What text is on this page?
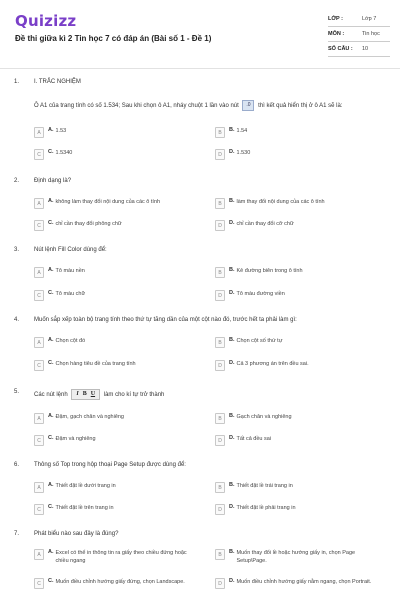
Quizizz
Đề thi giữa kì 2 Tin học 7 có đáp án (Bài số 1 - Đề 1)
LỚP :	Lớp 7
MÔN :	Tin học
SỐ CÂU : 10
1. I. TRẮC NGHIỆM
Ô A1 của trang tính có số 1.534; Sau khi chọn ô A1, nháy chuột 1 lần vào nút .0 thì kết quả hiển thị ở ô A1 sẽ là:
A	A. 1.53	B	B. 1.54
C	C. 1.5340	D	D. 1.530
2. Định dạng là?
A	A. không làm thay đổi nội dung của các ô tính	B	B. làm thay đổi nội dung của các ô tính
C	C. chỉ cần thay đổi phông chữ	D	D. chỉ cần thay đổi cỡ chữ
3. Nút lệnh Fill Color dùng để:
A	A. Tô màu nền	B	B. Kẻ đường biên trong ô tính
C	C. Tô màu chữ	D	D. Tô màu đường viền
4. Muốn sắp xếp toàn bộ trang tính theo thứ tự tăng dần của một cột nào đó, trước hết ta phải làm gì:
A	A. Chọn cột đó	B	B. Chọn cột số thứ tự
C	C. Chọn hàng tiêu đề của trang tính	D	D. Cả 3 phương án trên đều sai.
5.
Các nút lệnh I B U làm cho kí tự trở thành
A	A. Đậm, gạch chân và nghiêng	B	B. Gạch chân và nghiêng
C	C. Đậm và nghiêng	D	D. Tất cả đều sai
6. Thông số Top trong hộp thoại Page Setup được dùng để:
A	A. Thiết đặt lề dưới trang in	B	B. Thiết đặt lề trái trang in
C	C. Thiết đặt lề trên trang in	D	D. Thiết đặt lề phải trang in
7. Phát biểu nào sau đây là đúng?
A	A. Excel có thể in thông tin ra giấy theo chiều đứng hoặc chiều ngang
B	B. Muốn thay đổi lề hoặc hướng giấy in, chọn Page Setup\Page.
C	C. Muốn điều chỉnh hướng giấy đứng, chọn Landscape.	D	D. Muốn điều chỉnh hướng giấy nằm ngang, chọn Portrait.
